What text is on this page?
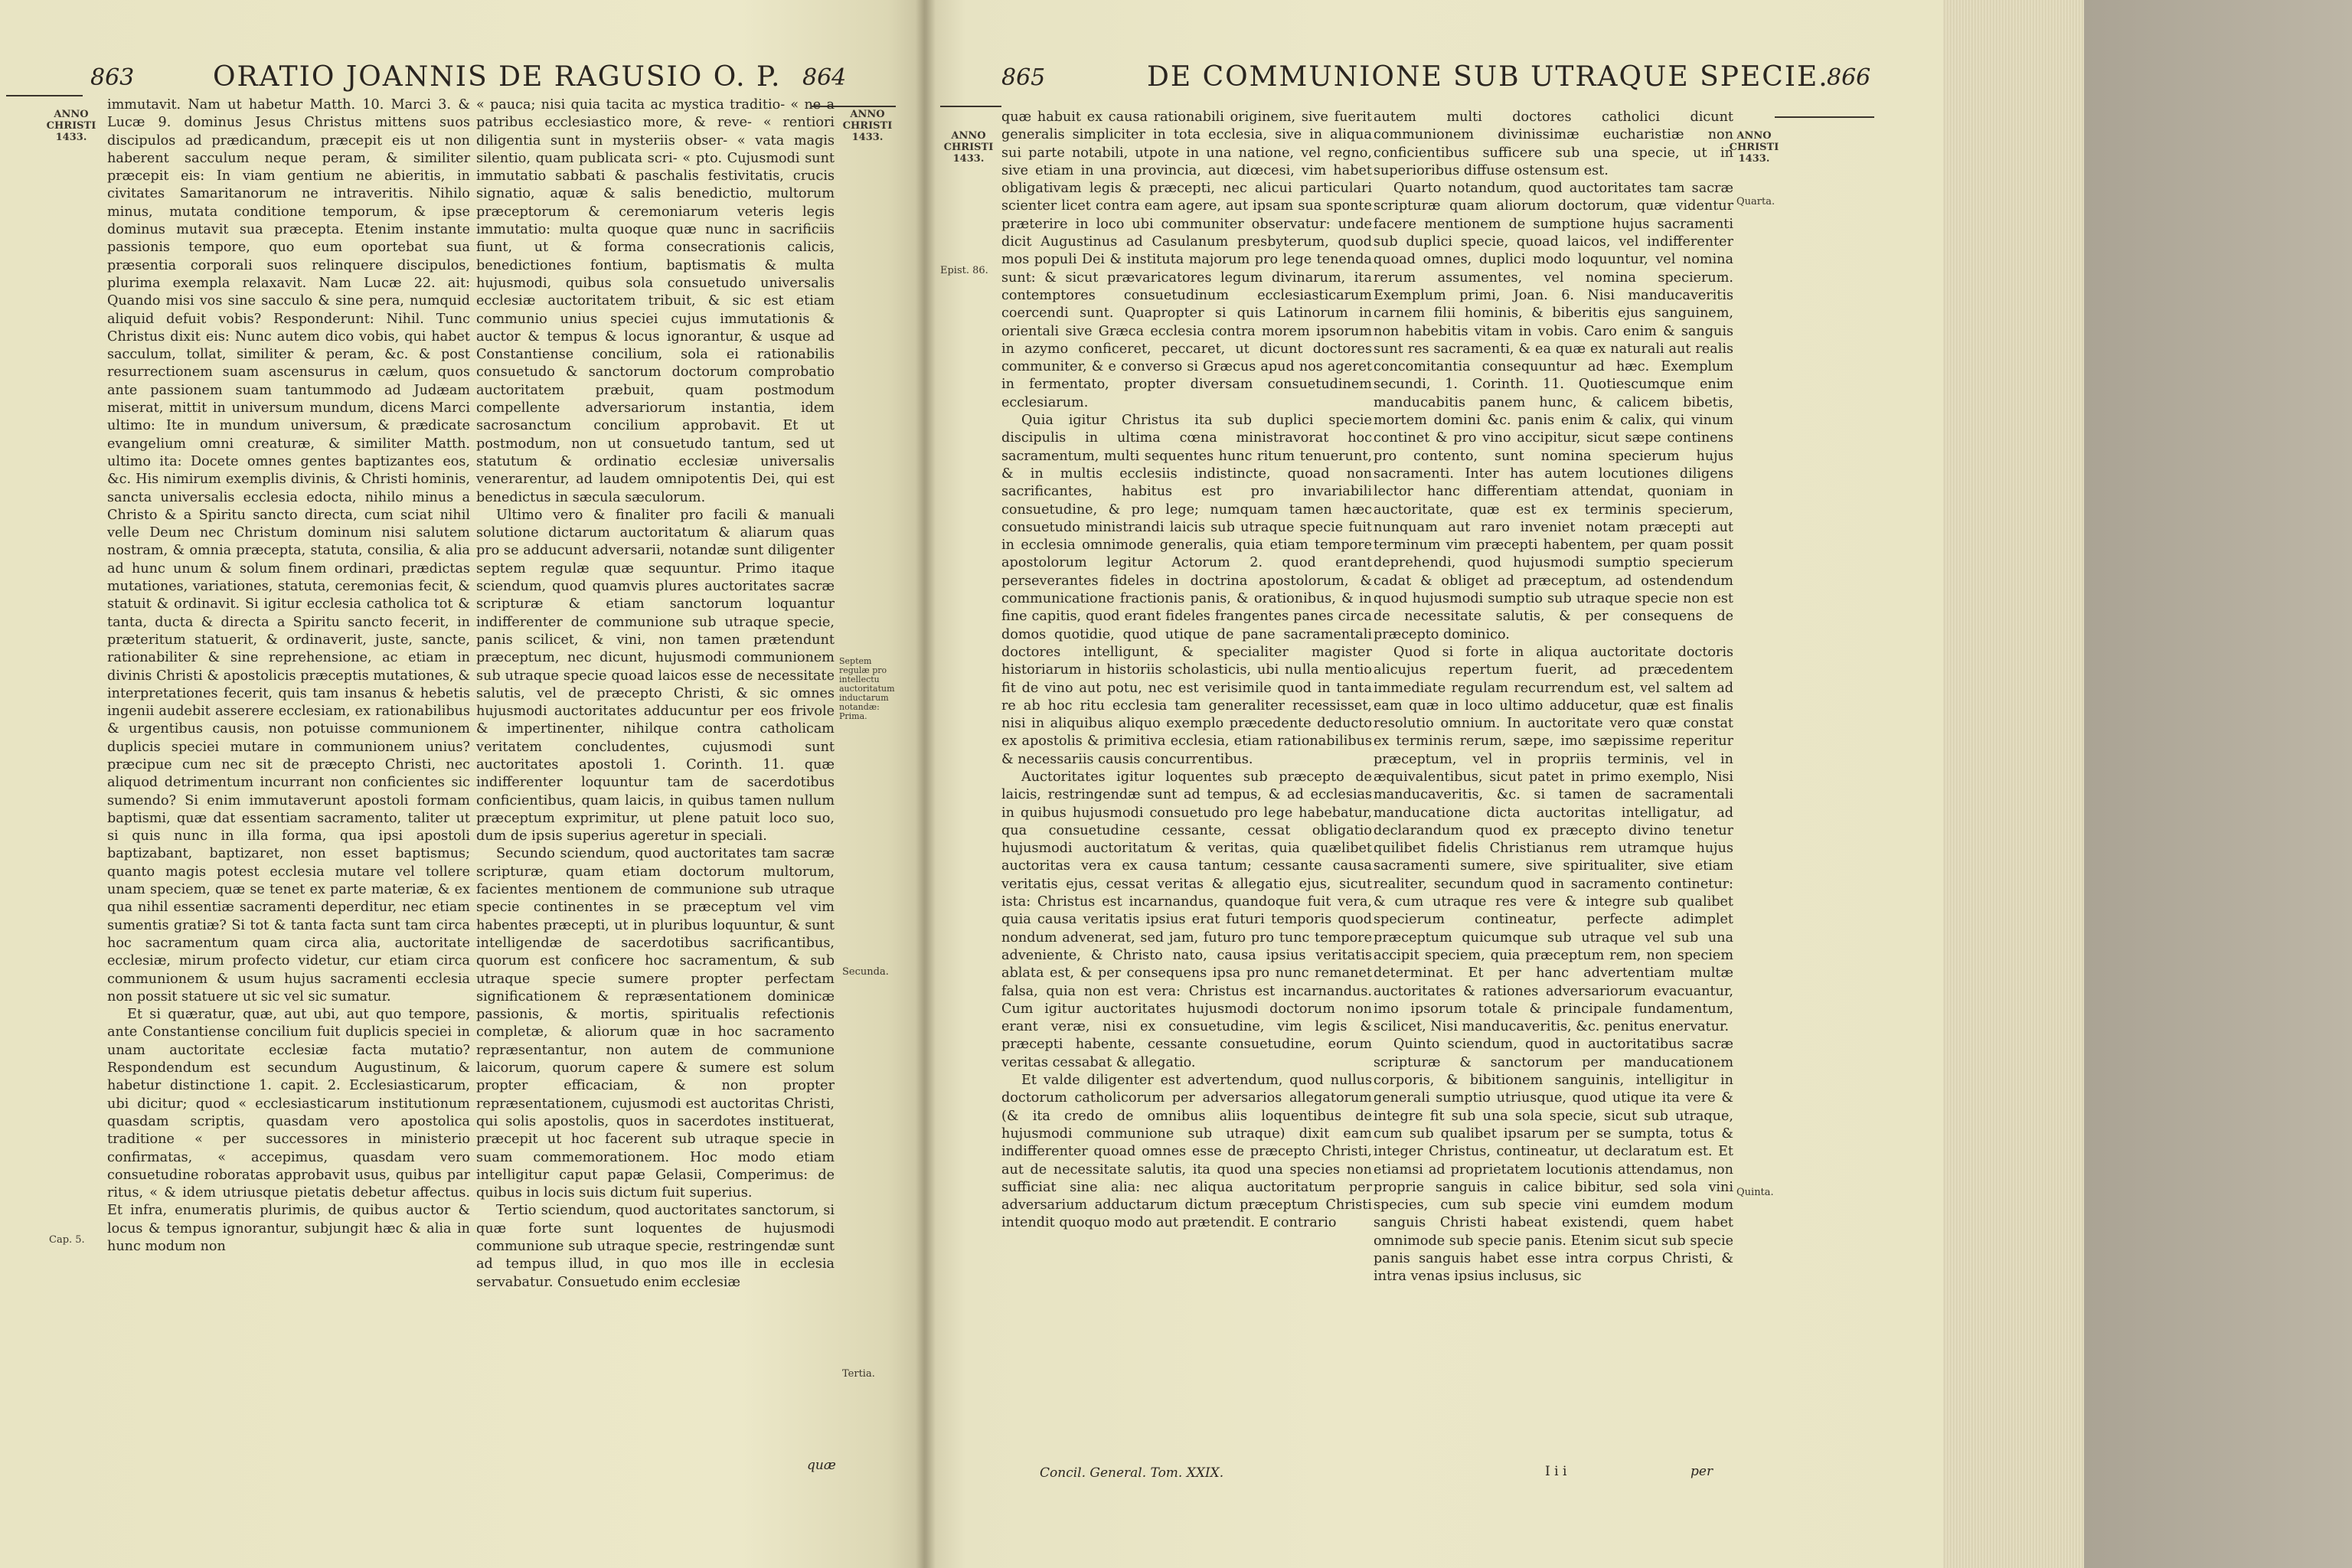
863	ORATIO JOANNIS DE RAGUSIO O. P. 864
ANNO CHRISTI 1433.
ANNO CHRISTI 1433.

immutavit. Nam ut habetur Matth. 10. Marci 3. & Lucæ 9. dominus Jesus Christus mittens suos discipulos ad prædicandum, præcepit eis ut non haberent sacculum neque peram, & similiter præcepit eis: In viam gentium ne abieritis, in civitates Samaritanorum ne intraveritis. Nihilo minus, mutata conditione temporum, & ipse dominus mutavit sua præcepta. Etenim instante passionis tempore, quo eum oportebat sua præsentia corporali suos relinquere discipulos, plurima exempla relaxavit. Nam Lucæ 22. ait: Quando misi vos sine sacculo & sine pera, numquid aliquid defuit vobis? Responderunt: Nihil. Tunc Christus dixit eis: Nunc autem dico vobis, qui habet sacculum, tollat, similiter & peram, &c. & post resurrectionem suam ascensurus in cælum, quos ante passionem suam tantummodo ad Judæam miserat, mittit in universum mundum, dicens Marci ultimo: Ite in mundum universum, & prædicate evangelium omni creaturæ, & similiter Matth. ultimo ita: Docete omnes gentes baptizantes eos, &c. His nimirum exemplis divinis, & Christi hominis, sancta universalis ecclesia edocta, nihilo minus a Christo & a Spiritu sancto directa, cum sciat nihil velle Deum nec Christum dominum nisi salutem nostram, & omnia præcepta, statuta, consilia, & alia ad hunc unum & solum finem ordinari, prædictas mutationes, variationes, statuta, ceremonias fecit, & statuit & ordinavit. Si igitur ecclesia catholica tot & tanta, ducta & directa a Spiritu sancto fecerit, in præteritum statuerit, & ordinaverit, juste, sancte, rationabiliter & sine reprehensione, ac etiam in divinis Christi & apostolicis præceptis mutationes, & interpretationes fecerit, quis tam insanus & hebetis ingenii audebit asserere ecclesiam, ex rationabilibus & urgentibus causis, non potuisse communionem duplicis speciei mutare in communionem unius? præcipue cum nec sit de præcepto Christi, nec aliquod detrimentum incurrant non conficientes sic sumendo? Si enim immutaverunt apostoli formam baptismi, quæ dat essentiam sacramento, taliter ut si quis nunc in illa forma, qua ipsi apostoli baptizabant, baptizaret, non esset baptismus; quanto magis potest ecclesia mutare vel tollere unam speciem, quæ se tenet ex parte materiæ, & ex qua nihil essentiæ sacramenti deperditur, nec etiam sumentis gratiæ? Si tot & tanta facta sunt tam circa hoc sacramentum quam circa alia, auctoritate ecclesiæ, mirum profecto videtur, cur etiam circa communionem & usum hujus sacramenti ecclesia non possit statuere ut sic vel sic sumatur.

Et si quæratur, quæ, aut ubi, aut quo tempore, ante Constantiense concilium fuit duplicis speciei in unam auctoritate ecclesiæ facta mutatio? Respondendum est secundum Augustinum, & habetur distinctione 1. capit. 2. Ecclesiasticarum, ubi dicitur; quod « ecclesiasticarum institutionum quasdam scriptis, quasdam vero apostolica traditione « per successores in ministerio confirmatas, « accepimus, quasdam vero consuetudine roboratas approbavit usus, quibus par ritus, « & idem utriusque pietatis debetur affectus. Et infra, enumeratis plurimis, de quibus auctor & locus & tempus ignorantur, subjungit hæc & alia in hunc modum non

« pauca; nisi quia tacita ac mystica traditio- « ne a patribus ecclesiastico more, & reve- « rentiori diligentia sunt in mysteriis obser- « vata magis silentio, quam publicata scri- « pto. Cujusmodi sunt immutatio sabbati & paschalis festivitatis, crucis signatio, aquæ & salis benedictio, multorum præceptorum & ceremoniarum veteris legis immutatio: multa quoque quæ nunc in sacrificiis fiunt, ut & forma consecrationis calicis, benedictiones fontium, baptismatis & multa hujusmodi, quibus sola consuetudo universalis ecclesiæ auctoritatem tribuit, & sic est etiam communio unius speciei cujus immutationis & auctor & tempus & locus ignorantur, & usque ad Constantiense concilium, sola ei rationabilis consuetudo & sanctorum doctorum comprobatio auctoritatem præbuit, quam postmodum compellente adversariorum instantia, idem sacrosanctum concilium approbavit. Et ut postmodum, non ut consuetudo tantum, sed ut statutum & ordinatio ecclesiæ universalis venerarentur, ad laudem omnipotentis Dei, qui est benedictus in sæcula sæculorum.

Ultimo vero & finaliter pro facili & manuali solutione dictarum auctoritatum & aliarum quas pro se adducunt adversarii, notandæ sunt diligenter septem regulæ quæ sequuntur. Primo itaque sciendum, quod quamvis plures auctoritates sacræ scripturæ & etiam sanctorum loquantur indifferenter de communione sub utraque specie, panis scilicet, & vini, non tamen prætendunt præceptum, nec dicunt, hujusmodi communionem sub utraque specie quoad laicos esse de necessitate salutis, vel de præcepto Christi, & sic omnes hujusmodi auctoritates adducuntur per eos frivole & impertinenter, nihilque contra catholicam veritatem concludentes, cujusmodi sunt auctoritates apostoli 1. Corinth. 11. quæ indifferenter loquuntur tam de sacerdotibus conficientibus, quam laicis, in quibus tamen nullum præceptum exprimitur, ut plene patuit loco suo, dum de ipsis superius ageretur in speciali.

Secundo sciendum, quod auctoritates tam sacræ scripturæ, quam etiam doctorum multorum, facientes mentionem de communione sub utraque specie continentes in se præceptum vel vim habentes præcepti, ut in pluribus loquuntur, & sunt intelligendæ de sacerdotibus sacrificantibus, quorum est conficere hoc sacramentum, & sub utraque specie sumere propter perfectam significationem & repræsentationem dominicæ passionis, & mortis, spiritualis refectionis completæ, & aliorum quæ in hoc sacramento repræsentantur, non autem de communione laicorum, quorum capere & sumere est solum propter efficaciam, & non propter repræsentationem, cujusmodi est auctoritas Christi, qui solis apostolis, quos in sacerdotes instituerat, præcepit ut hoc facerent sub utraque specie in suam commemorationem. Hoc modo etiam intelligitur caput papæ Gelasii, Comperimus: de quibus in locis suis dictum fuit superius.

Tertio sciendum, quod auctoritates sanctorum, si quæ forte sunt loquentes de hujusmodi communione sub utraque specie, restringendæ sunt ad tempus illud, in quo mos ille in ecclesia servabatur. Consuetudo enim ecclesiæ

Cap. 5.
Septem regulæ pro intellectu auctoritatum inductarum notandæ: Prima.
Secunda.
Tertia.
quæ
865	DE COMMUNIONE SUB UTRAQUE SPECIE.
866
ANNO CHRISTI 1433.
ANNO CHRISTI 1433.

quæ habuit ex causa rationabili originem, sive fuerit generalis simpliciter in tota ecclesia, sive in aliqua sui parte notabili, utpote in una natione, vel regno, sive etiam in una provincia, aut diœcesi, vim habet obligativam legis & præcepti, nec alicui particulari scienter licet contra eam agere, aut ipsam sua sponte præterire in loco ubi communiter observatur: unde dicit Augustinus ad Casulanum presbyterum, quod mos populi Dei & instituta majorum pro lege tenenda sunt: & sicut prævaricatores legum divinarum, ita contemptores consuetudinum ecclesiasticarum coercendi sunt. Quapropter si quis Latinorum in orientali sive Græca ecclesia contra morem ipsorum in azymo conficeret, peccaret, ut dicunt doctores communiter, & e converso si Græcus apud nos ageret in fermentato, propter diversam consuetudinem ecclesiarum.

Quia igitur Christus ita sub duplici specie discipulis in ultima cœna ministravorat hoc sacramentum, multi sequentes hunc ritum tenuerunt, & in multis ecclesiis indistincte, quoad non sacrificantes, habitus est pro invariabili consuetudine, & pro lege; numquam tamen hæc consuetudo ministrandi laicis sub utraque specie fuit in ecclesia omnimode generalis, quia etiam tempore apostolorum legitur Actorum 2. quod erant perseverantes fideles in doctrina apostolorum, & communicatione fractionis panis, & orationibus, & in fine capitis, quod erant fideles frangentes panes circa domos quotidie, quod utique de pane sacramentali doctores intelligunt, & specialiter magister historiarum in historiis scholasticis, ubi nulla mentio fit de vino aut potu, nec est verisimile quod in tanta re ab hoc ritu ecclesia tam generaliter recessisset, nisi in aliquibus aliquo exemplo præcedente deducto ex apostolis & primitiva ecclesia, etiam rationabilibus & necessariis causis concurrentibus.

Auctoritates igitur loquentes sub præcepto de laicis, restringendæ sunt ad tempus, & ad ecclesias in quibus hujusmodi consuetudo pro lege habebatur, qua consuetudine cessante, cessat obligatio hujusmodi auctoritatum & veritas, quia quælibet auctoritas vera ex causa tantum; cessante causa veritatis ejus, cessat veritas & allegatio ejus, sicut ista: Christus est incarnandus, quandoque fuit vera, quia causa veritatis ipsius erat futuri temporis quod nondum advenerat, sed jam, futuro pro tunc tempore adveniente, & Christo nato, causa ipsius veritatis ablata est, & per consequens ipsa pro nunc remanet falsa, quia non est vera: Christus est incarnandus. Cum igitur auctoritates hujusmodi doctorum non erant veræ, nisi ex consuetudine, vim legis & præcepti habente, cessante consuetudine, eorum veritas cessabat & allegatio.

Et valde diligenter est advertendum, quod nullus doctorum catholicorum per adversarios allegatorum (& ita credo de omnibus aliis loquentibus de hujusmodi communione sub utraque) dixit eam indifferenter quoad omnes esse de præcepto Christi, aut de necessitate salutis, ita quod una species non sufficiat sine alia: nec aliqua auctoritatum per adversarium adductarum dictum præceptum Christi intendit quoquo modo aut prætendit. E contrario

autem multi doctores catholici dicunt communionem divinissimæ eucharistiæ non conficientibus sufficere sub una specie, ut in superioribus diffuse ostensum est.

Quarto notandum, quod auctoritates tam sacræ scripturæ quam aliorum doctorum, quæ videntur facere mentionem de sumptione hujus sacramenti sub duplici specie, quoad laicos, vel indifferenter quoad omnes, duplici modo loquuntur, vel nomina rerum assumentes, vel nomina specierum. Exemplum primi, Joan. 6. Nisi manducaveritis carnem filii hominis, & biberitis ejus sanguinem, non habebitis vitam in vobis. Caro enim & sanguis sunt res sacramenti, & ea quæ ex naturali aut realis concomitantia consequuntur ad hæc. Exemplum secundi, 1. Corinth. 11. Quotiescumque enim manducabitis panem hunc, & calicem bibetis, mortem domini &c. panis enim & calix, qui vinum continet & pro vino accipitur, sicut sæpe continens pro contento, sunt nomina specierum hujus sacramenti. Inter has autem locutiones diligens lector hanc differentiam attendat, quoniam in auctoritate, quæ est ex terminis specierum, nunquam aut raro inveniet notam præcepti aut terminum vim præcepti habentem, per quam possit deprehendi, quod hujusmodi sumptio specierum cadat & obliget ad præceptum, ad ostendendum quod hujusmodi sumptio sub utraque specie non est de necessitate salutis, & per consequens de præcepto dominico.

Quod si forte in aliqua auctoritate doctoris alicujus repertum fuerit, ad præcedentem immediate regulam recurrendum est, vel saltem ad eam quæ in loco ultimo adducetur, quæ est finalis resolutio omnium. In auctoritate vero quæ constat ex terminis rerum, sæpe, imo sæpissime reperitur præceptum, vel in propriis terminis, vel in æquivalentibus, sicut patet in primo exemplo, Nisi manducaveritis, &c. si tamen de sacramentali manducatione dicta auctoritas intelligatur, ad declarandum quod ex præcepto divino tenetur quilibet fidelis Christianus rem utramque hujus sacramenti sumere, sive spiritualiter, sive etiam realiter, secundum quod in sacramento continetur: & cum utraque res vere & integre sub qualibet specierum contineatur, perfecte adimplet præceptum quicumque sub utraque vel sub una accipit speciem, quia præceptum rem, non speciem determinat. Et per hanc advertentiam multæ auctoritates & rationes adversariorum evacuantur, imo ipsorum totale & principale fundamentum, scilicet, Nisi manducaveritis, &c. penitus enervatur.

Quinto sciendum, quod in auctoritatibus sacræ scripturæ & sanctorum per manducationem corporis, & bibitionem sanguinis, intelligitur in generali sumptio utriusque, quod utique ita vere & integre fit sub una sola specie, sicut sub utraque, cum sub qualibet ipsarum per se sumpta, totus & integer Christus, contineatur, ut declaratum est. Et etiamsi ad proprietatem locutionis attendamus, non proprie sanguis in calice bibitur, sed sola vini species, cum sub specie vini eumdem modum sanguis Christi habeat existendi, quem habet omnimode sub specie panis. Etenim sicut sub specie panis sanguis habet esse intra corpus Christi, & intra venas ipsius inclusus, sic

Epist. 86.
Quarta.
Quinta.
Concil. General. Tom. XXIX.	I i i	per
